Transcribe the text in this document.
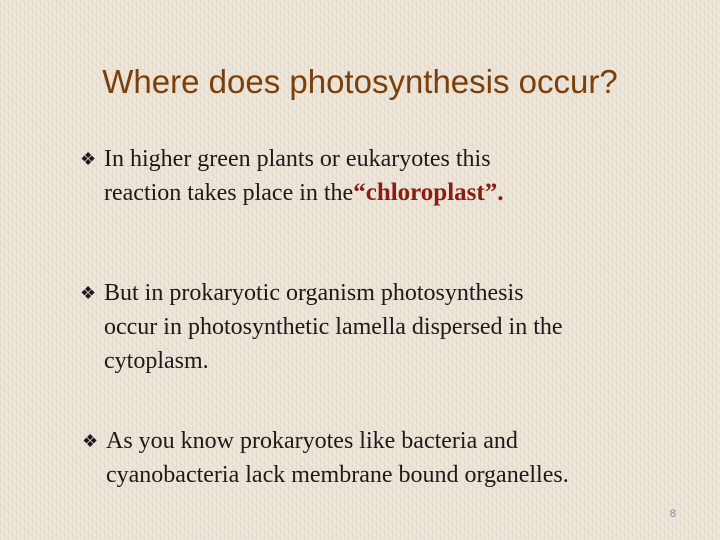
Where does photosynthesis occur?
❖ In higher green plants or eukaryotes this
reaction takes place in the“chloroplast”.
❖ But in prokaryotic organism photosynthesis
occur in photosynthetic lamella dispersed in the
cytoplasm.
❖ As you know prokaryotes like bacteria and
cyanobacteria lack membrane bound organelles.
8
